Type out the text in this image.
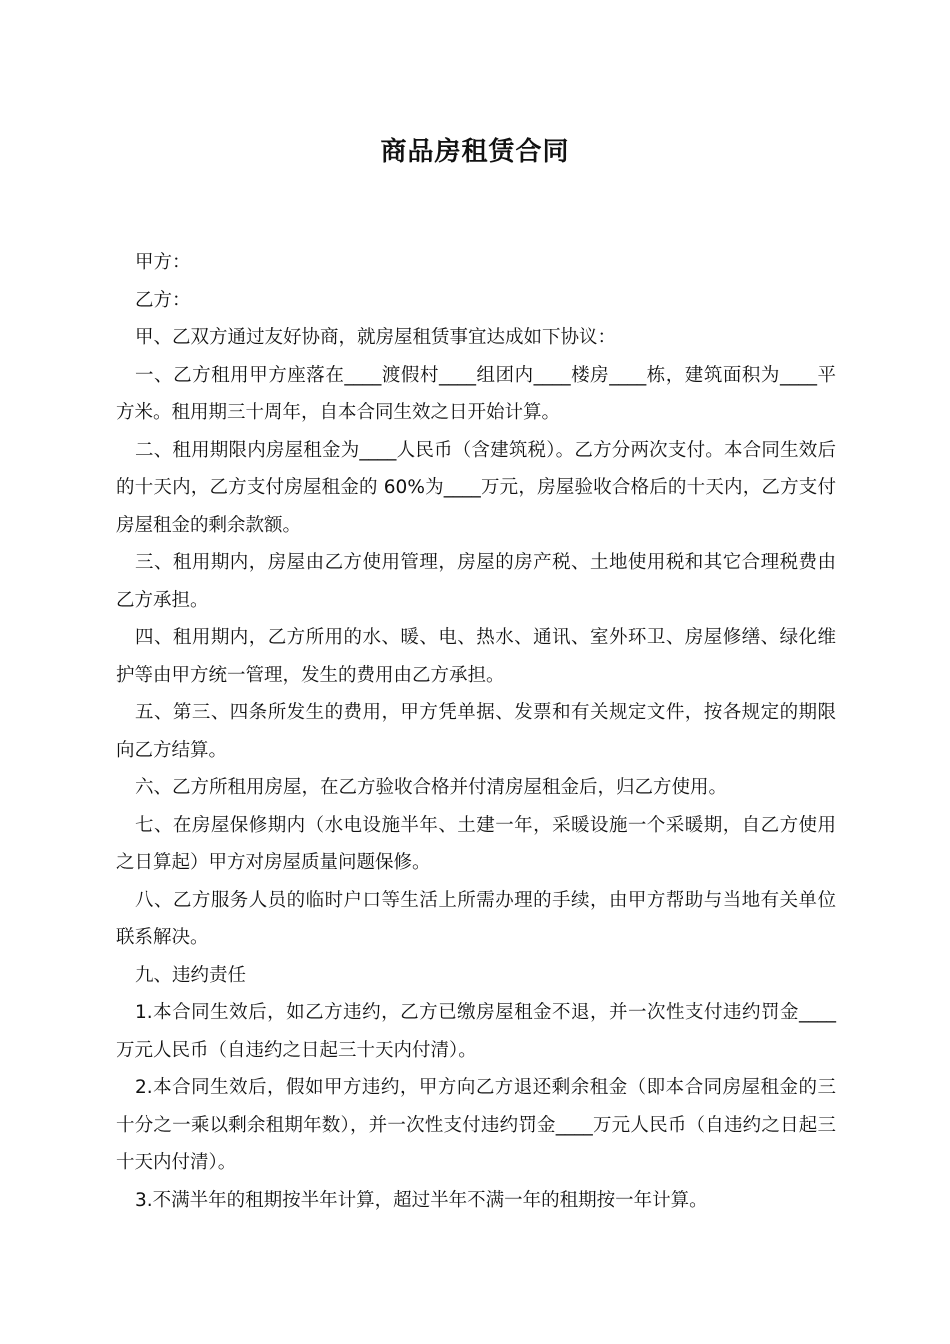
商品房租赁合同

甲方：

乙方：

甲、乙双方通过友好协商，就房屋租赁事宜达成如下协议：

一、乙方租用甲方座落在____渡假村____组团内____楼房____栋，建筑面积为____平方米。租用期三十周年，自本合同生效之日开始计算。

二、租用期限内房屋租金为____人民币（含建筑税）。乙方分两次支付。本合同生效后的十天内，乙方支付房屋租金的 60%为____万元，房屋验收合格后的十天内，乙方支付房屋租金的剩余款额。

三、租用期内，房屋由乙方使用管理，房屋的房产税、土地使用税和其它合理税费由乙方承担。

四、租用期内，乙方所用的水、暖、电、热水、通讯、室外环卫、房屋修缮、绿化维护等由甲方统一管理，发生的费用由乙方承担。

五、第三、四条所发生的费用，甲方凭单据、发票和有关规定文件，按各规定的期限向乙方结算。

六、乙方所租用房屋，在乙方验收合格并付清房屋租金后，归乙方使用。

七、在房屋保修期内（水电设施半年、土建一年，采暖设施一个采暖期，自乙方使用之日算起）甲方对房屋质量问题保修。

八、乙方服务人员的临时户口等生活上所需办理的手续，由甲方帮助与当地有关单位联系解决。

九、违约责任

1.本合同生效后，如乙方违约，乙方已缴房屋租金不退，并一次性支付违约罚金____万元人民币（自违约之日起三十天内付清）。

2.本合同生效后，假如甲方违约，甲方向乙方退还剩余租金（即本合同房屋租金的三十分之一乘以剩余租期年数），并一次性支付违约罚金____万元人民币（自违约之日起三十天内付清）。

3.不满半年的租期按半年计算，超过半年不满一年的租期按一年计算。
